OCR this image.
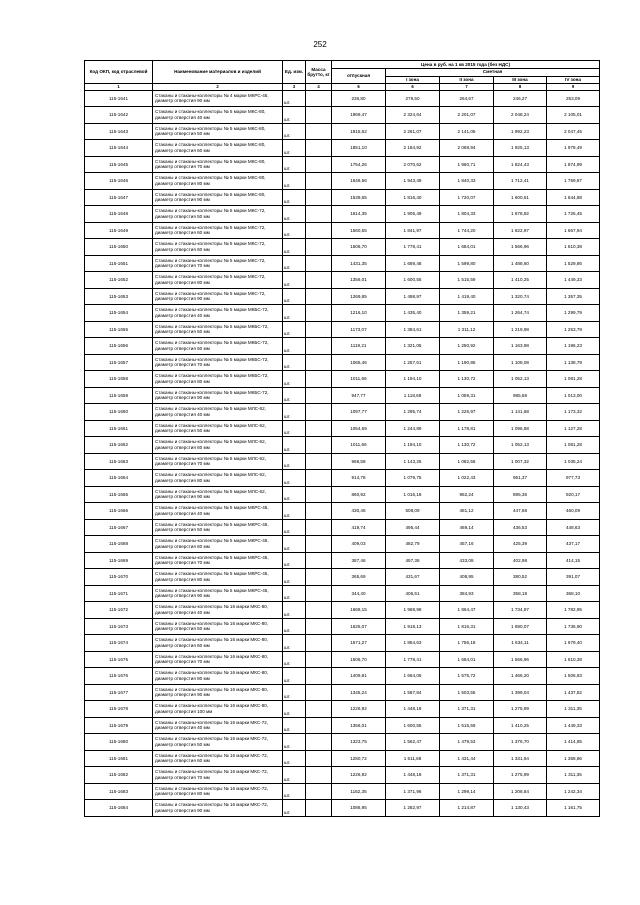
252
Код ОКП, код отраслевой	Наименование материалов и изделий	Ед. изм.	Масса брутто, кг	Цена в руб. на 1 кв 2015 года (без НДС)				
				отпускная	Сметная			
					I зона	II зона	III зона	IV зона
1	2	3	4	6	6	7	8	9
115-1641	Стаканы и стаканы-коллекторы № 4 марки МКРС-45, диаметр отверстия 90 мм	шт.		236,80	279,50	264,67	246,27	253,09
115-1642	Стаканы и стаканы-коллекторы № 5 марки МКС-80, диаметр отверстия 40 мм	шт.		1969,47	2 324,64	2 201,07	2 048,24	2 105,01
115-1643	Стаканы и стаканы-коллекторы № 5 марки МКС-80, диаметр отверстия 50 мм	шт.		1915,62	2 261,07	2 141,05	1 992,23	2 047,45
115-1644	Стаканы и стаканы-коллекторы № 5 марки МКС-80, диаметр отверстия 60 мм	шт.		1851,10	2 184,92	2 068,94	1 925,13	1 978,49
115-1645	Стаканы и стаканы-коллекторы № 5 марки МКС-80, диаметр отверстия 70 мм	шт.		1754,26	2 070,62	1 960,71	1 824,43	1 874,99
115-1646	Стаканы и стаканы-коллекторы № 5 марки МКС-80, диаметр отверстия 80 мм	шт.		1646,56	1 943,49	1 840,33	1 712,41	1 759,87
115-1647	Стаканы и стаканы-коллекторы № 5 марки МКС-80, диаметр отверстия 90 мм	шт.		1539,65	1 816,40	1 720,07	1 600,51	1 644,88
115-1648	Стаканы и стаканы-коллекторы № 5 марки МКС-72, диаметр отверстия 50 мм	шт.		1614,35	1 905,49	1 804,33	1 678,92	1 725,45
115-1649	Стаканы и стаканы-коллекторы № 5 марки МКС-72, диаметр отверстия 60 мм	шт.		1560,55	1 841,97	1 744,20	1 622,97	1 667,94
115-1650	Стаканы и стаканы-коллекторы № 5 марки МКС-72, диаметр отверстия 60 мм	шт.		1506,70	1 778,41	1 684,01	1 566,96	1 610,38
115-1651	Стаканы и стаканы-коллекторы № 5 марки МКС-72, диаметр отверстия 70 мм	шт.		1431,35	1 689,48	1 599,80	1 488,60	1 529,86
115-1652	Стаканы и стаканы-коллекторы № 5 марки МКС-72, диаметр отверстия 80 мм	шт.		1356,01	1 600,55	1 515,59	1 410,25	1 449,33
115-1653	Стаканы и стаканы-коллекторы № 5 марки МКС-72, диаметр отверстия 90 мм	шт.		1269,85	1 498,97	1 419,40	1 320,74	1 357,35
115-1654	Стаканы и стаканы-коллекторы № 5 марки МКБС-72, диаметр отверстия 40 мм	шт.		1216,10	1 435,40	1 359,21	1 264,74	1 299,79
115-1655	Стаканы и стаканы-коллекторы № 5 марки МКБС-72, диаметр отверстия 50 мм	шт.		1173,07	1 384,61	1 311,12	1 219,98	1 253,79
115-1656	Стаканы и стаканы-коллекторы № 5 марки МКБС-72, диаметр отверстия 60 мм	шт.		1119,21	1 321,05	1 250,92	1 163,98	1 196,23
115-1657	Стаканы и стаканы-коллекторы № 5 марки МКБС-72, диаметр отверстия 70 мм	шт.		1065,46	1 257,61	1 190,85	1 108,08	1 138,79
115-1658	Стаканы и стаканы-коллекторы № 5 марки МКБС-72, диаметр отверстия 80 мм	шт.		1011,66	1 194,10	1 130,72	1 052,13	1 081,28
115-1659	Стаканы и стаканы-коллекторы № 5 марки МКБС-72, диаметр отверстия 90 мм	шт.		947,77	1 118,69	1 059,31	985,68	1 013,00
115-1660	Стаканы и стаканы-коллекторы № 5 марки МЛС-62, диаметр отверстия 40 мм	шт.		1097,77	1 295,74	1 226,97	1 141,68	1 173,32
115-1661	Стаканы и стаканы-коллекторы № 5 марки МЛС-62, диаметр отверстия 50 мм	шт.		1054,69	1 244,89	1 178,81	1 096,88	1 127,28
115-1662	Стаканы и стаканы-коллекторы № 5 марки МЛС-62, диаметр отверстия 60 мм	шт.		1011,66	1 194,10	1 130,72	1 052,13	1 081,28
115-1663	Стаканы и стаканы-коллекторы № 5 марки МЛС-62, диаметр отверстия 70 мм	шт.		968,58	1 143,25	1 082,56	1 007,32	1 035,24
115-1664	Стаканы и стаканы-коллекторы № 5 марки МЛС-62, диаметр отверстия 80 мм	шт.		914,78	1 079,75	1 022,43	951,37	977,73
115-1665	Стаканы и стаканы-коллекторы № 5 марки МЛС-62, диаметр отверстия 90 мм	шт.		860,92	1 016,18	962,24	895,36	920,17
115-1666	Стаканы и стаканы-коллекторы № 5 марки МКРС-45, диаметр отверстия 40 мм	шт.		430,46	508,09	481,12	447,68	460,09
115-1667	Стаканы и стаканы-коллекторы № 5 марки МКРС-45, диаметр отверстия 50 мм	шт.		419,74	495,44	469,14	436,53	448,63
115-1668	Стаканы и стаканы-коллекторы № 5 марки МКРС-45, диаметр отверстия 60 мм	шт.		409,03	482,79	457,16	425,39	437,17
115-1669	Стаканы и стаканы-коллекторы № 5 марки МКРС-45, диаметр отверстия 70 мм	шт.		387,46	457,36	433,08	402,98	414,15
115-1670	Стаканы и стаканы-коллекторы № 5 марки МКРС-45, диаметр отверстия 80 мм	шт.		365,69	431,67	408,95	380,52	391,07
115-1671	Стаканы и стаканы-коллекторы № 5 марки МКРС-45, диаметр отверстия 90 мм	шт.		344,40	406,51	384,93	358,18	368,10
115-1672	Стаканы и стаканы-коллекторы № 16 марки МКС-80, диаметр отверстия 40 мм	шт.		1668,15	1 968,98	1 864,47	1 734,87	1 782,95
115-1673	Стаканы и стаканы-коллекторы № 16 марки МКС-80, диаметр отверстия 50 мм	шт.		1625,07	1 918,13	1 816,31	1 690,07	1 736,90
115-1674	Стаканы и стаканы-коллекторы № 16 марки МКС-80, диаметр отверстия 60 мм	шт.		1571,27	1 854,63	1 756,18	1 634,11	1 679,40
115-1675	Стаканы и стаканы-коллекторы № 16 марки МКС-80, диаметр отверстия 70 мм	шт.		1506,70	1 778,41	1 684,01	1 566,96	1 610,38
115-1676	Стаканы и стаканы-коллекторы № 16 марки МКС-80, диаметр отверстия 80 мм	шт.		1409,81	1 664,05	1 575,72	1 466,20	1 506,83
115-1677	Стаканы и стаканы-коллекторы № 16 марки МКС-80, диаметр отверстия 90 мм	шт.		1345,24	1 587,84	1 503,55	1 399,04	1 437,82
115-1678	Стаканы и стаканы-коллекторы № 16 марки МКС-80, диаметр отверстия 100 мм	шт.		1226,92	1 448,18	1 371,31	1 275,99	1 311,35
115-1679	Стаканы и стаканы-коллекторы № 16 марки МКС-72, диаметр отверстия 40 мм	шт.		1356,01	1 600,55	1 515,59	1 410,25	1 449,33
115-1680	Стаканы и стаканы-коллекторы № 16 марки МКС-72, диаметр отверстия 50 мм	шт.		1323,75	1 562,47	1 479,53	1 376,70	1 414,85
115-1681	Стаканы и стаканы-коллекторы № 16 марки МКС-72, диаметр отверстия 60 мм	шт.		1280,72	1 511,68	1 431,44	1 331,94	1 368,86
115-1682	Стаканы и стаканы-коллекторы № 16 марки МКС-72, диаметр отверстия 70 мм	шт.		1226,92	1 448,18	1 371,31	1 275,99	1 311,35
115-1683	Стаканы и стаканы-коллекторы № 16 марки МКС-72, диаметр отверстия 80 мм	шт.		1162,35	1 371,96	1 299,14	1 208,84	1 242,34
115-1684	Стаканы и стаканы-коллекторы № 16 марки МКС-72, диаметр отверстия 90 мм	шт.		1086,95	1 282,97	1 214,87	1 130,43	1 161,75
